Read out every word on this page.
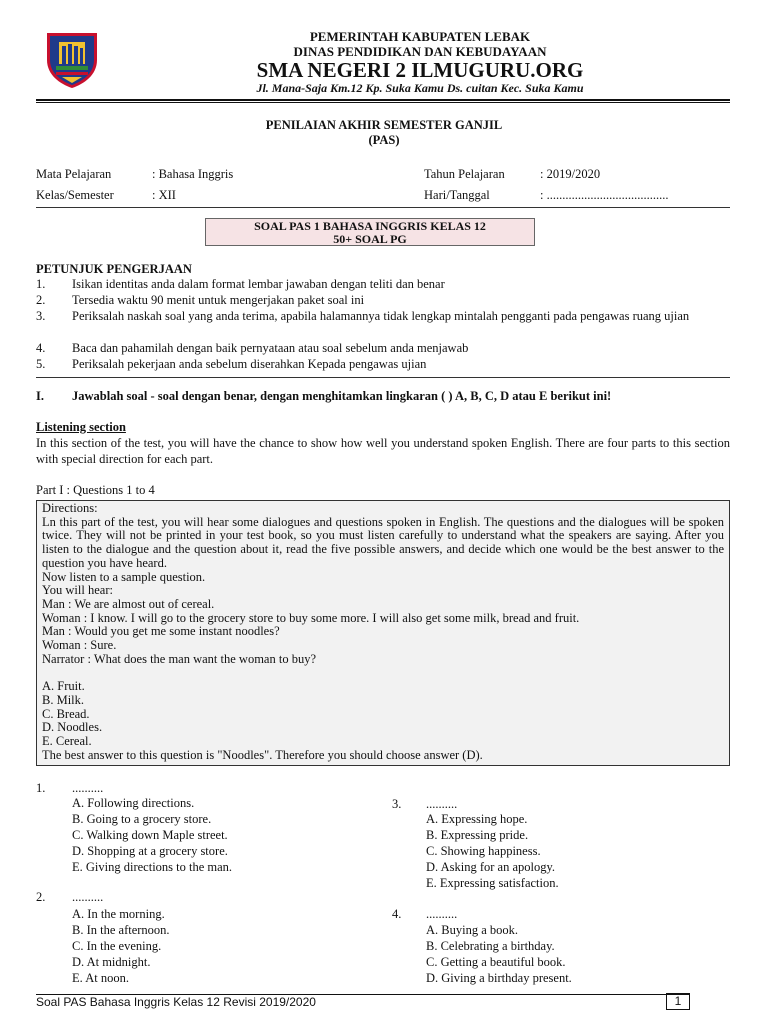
PEMERINTAH KABUPATEN LEBAK
DINAS PENDIDIKAN DAN KEBUDAYAAN
SMA NEGERI 2 ILMUGURU.ORG
Jl. Mana-Saja Km.12 Kp. Suka Kamu Ds. cuitan Kec. Suka Kamu
PENILAIAN AKHIR SEMESTER GANJIL
(PAS)
Mata Pelajaran	: Bahasa Inggris
Kelas/Semester	: XII
Tahun Pelajaran	: 2019/2020
Hari/Tanggal	: .......................................
SOAL PAS 1 BAHASA INGGRIS KELAS 12
50+ SOAL PG
PETUNJUK PENGERJAAN
1. Isikan identitas anda dalam format lembar jawaban dengan teliti dan benar
2. Tersedia waktu 90 menit untuk mengerjakan paket soal ini
3. Periksalah naskah soal yang anda terima, apabila halamannya tidak lengkap mintalah pengganti pada pengawas ruang ujian
4. Baca dan pahamilah dengan baik pernyataan atau soal sebelum anda menjawab
5. Periksalah pekerjaan anda sebelum diserahkan Kepada pengawas ujian
I. Jawablah soal - soal dengan benar, dengan menghitamkan lingkaran ( ) A, B, C, D atau E berikut ini!
Listening section
In this section of the test, you will have the chance to show how well you understand spoken English. There are four parts to this section with special direction for each part.
Part I : Questions 1 to 4
Directions:
Ln this part of the test, you will hear some dialogues and questions spoken in English. The questions and the dialogues will be spoken twice. They will not be printed in your test book, so you must listen carefully to understand what the speakers are saying. After you listen to the dialogue and the question about it, read the five possible answers, and decide which one would be the best answer to the question you have heard.
Now listen to a sample question.
You will hear:
Man : We are almost out of cereal.
Woman : I know. I will go to the grocery store to buy some more. I will also get some milk, bread and fruit.
Man : Would you get me some instant noodles?
Woman : Sure.
Narrator : What does the man want the woman to buy?
A. Fruit.
B. Milk.
C. Bread.
D. Noodles.
E. Cereal.
The best answer to this question is "Noodles". Therefore you should choose answer (D).
1. ..........
A. Following directions.
B. Going to a grocery store.
C. Walking down Maple street.
D. Shopping at a grocery store.
E. Giving directions to the man.
2. ..........
A. In the morning.
B. In the afternoon.
C. In the evening.
D. At midnight.
E. At noon.
3. ..........
A. Expressing hope.
B. Expressing pride.
C. Showing happiness.
D. Asking for an apology.
E. Expressing satisfaction.
4. ..........
A. Buying a book.
B. Celebrating a birthday.
C. Getting a beautiful book.
D. Giving a birthday present.
Soal PAS Bahasa Inggris Kelas 12 Revisi 2019/2020	1
